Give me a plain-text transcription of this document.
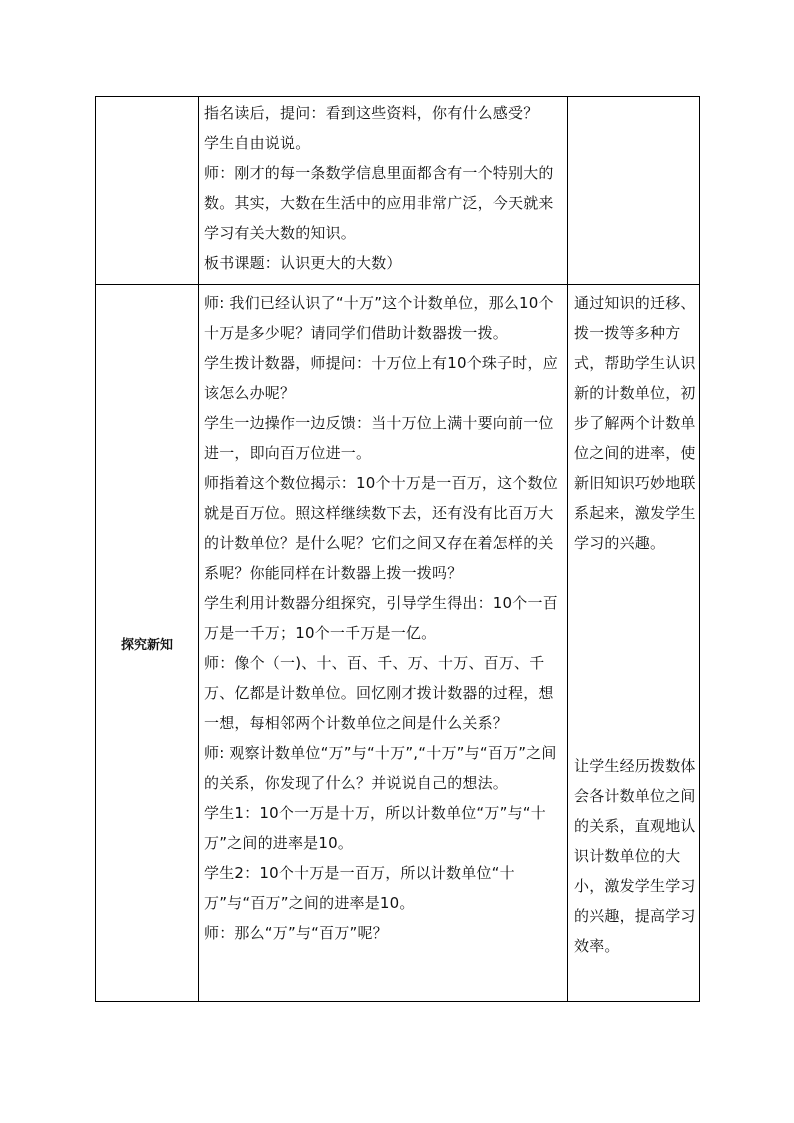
指名读后，提问：看到这些资料，你有什么感受？

学生自由说说。

师：刚才的每一条数学信息里面都含有一个特别大的数。其实，大数在生活中的应用非常广泛，今天就来学习有关大数的知识。

板书课题：认识更大的大数）

探究新知

师: 我们已经认识了“十万”这个计数单位，那么10个十万是多少呢？请同学们借助计数器拨一拨。

学生拨计数器，师提问：十万位上有10个珠子时，应该怎么办呢？

学生一边操作一边反馈：当十万位上满十要向前一位进一，即向百万位进一。

师指着这个数位揭示：10个十万是一百万，这个数位就是百万位。照这样继续数下去，还有没有比百万大的计数单位？是什么呢？它们之间又存在着怎样的关系呢？你能同样在计数器上拨一拨吗？

学生利用计数器分组探究，引导学生得出：10个一百万是一千万；10个一千万是一亿。

师：像个（一)、十、百、千、万、十万、百万、千万、亿都是计数单位。回忆刚才拨计数器的过程，想一想，每相邻两个计数单位之间是什么关系？

师: 观察计数单位“万”与“十万”,“十万”与“百万”之间的关系，你发现了什么？并说说自己的想法。

学生1：10个一万是十万，所以计数单位“万”与“十万”之间的进率是10。

学生2：10个十万是一百万，所以计数单位“十万”与“百万”之间的进率是10。

师：那么“万”与“百万”呢？

通过知识的迁移、拨一拨等多种方式，帮助学生认识新的计数单位，初步了解两个计数单位之间的进率，使新旧知识巧妙地联系起来，激发学生学习的兴趣。

让学生经历拨数体会各计数单位之间的关系，直观地认识计数单位的大小，激发学生学习的兴趣，提高学习效率。
